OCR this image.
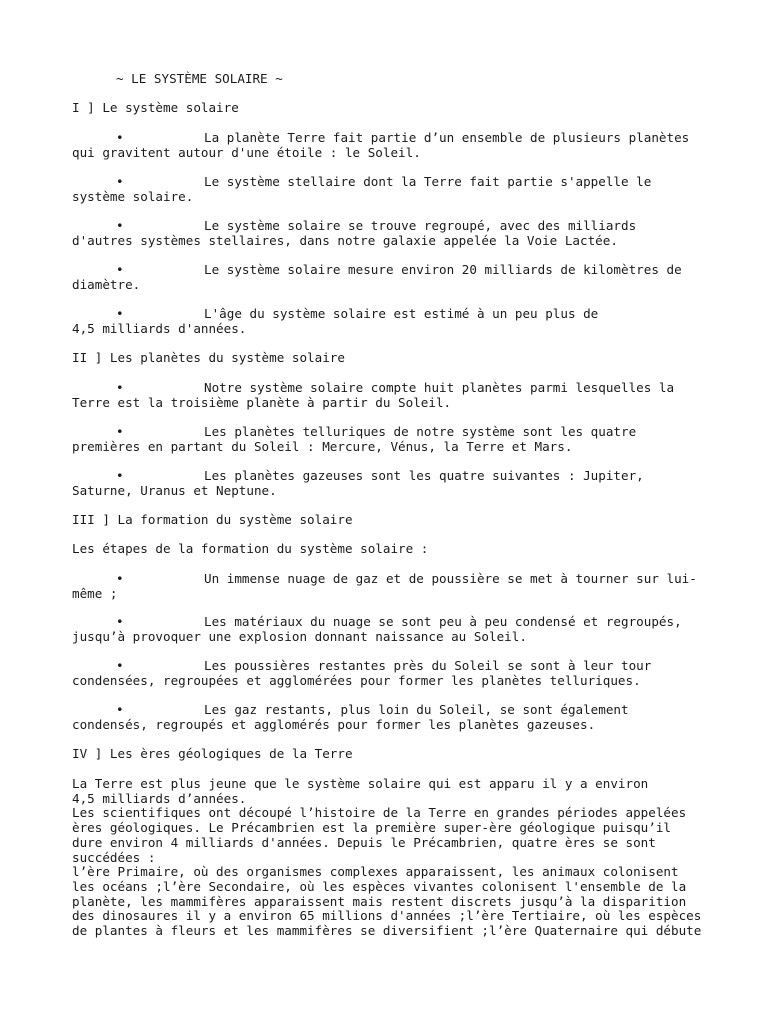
~ LE SYSTÈME SOLAIRE ~
I ] Le système solaire
•	La planète Terre fait partie d’un ensemble de plusieurs planètes
qui gravitent autour d'une étoile : le Soleil.
•	Le système stellaire dont la Terre fait partie s'appelle le
système solaire.
•	Le système solaire se trouve regroupé, avec des milliards
d'autres systèmes stellaires, dans notre galaxie appelée la Voie Lactée.
•	Le système solaire mesure environ 20 milliards de kilomètres de
diamètre.
•	L'âge du système solaire est estimé à un peu plus de
4,5 milliards d'années.
II ] Les planètes du système solaire
•	Notre système solaire compte huit planètes parmi lesquelles la
Terre est la troisième planète à partir du Soleil.
•	Les planètes telluriques de notre système sont les quatre
premières en partant du Soleil : Mercure, Vénus, la Terre et Mars.
•	Les planètes gazeuses sont les quatre suivantes : Jupiter,
Saturne, Uranus et Neptune.
III ] La formation du système solaire
Les étapes de la formation du système solaire :
•	Un immense nuage de gaz et de poussière se met à tourner sur lui-
même ;
•	Les matériaux du nuage se sont peu à peu condensé et regroupés,
jusqu’à provoquer une explosion donnant naissance au Soleil.
•	Les poussières restantes près du Soleil se sont à leur tour
condensées, regroupées et agglomérées pour former les planètes telluriques.
•	Les gaz restants, plus loin du Soleil, se sont également
condensés, regroupés et agglomérés pour former les planètes gazeuses.
IV ] Les ères géologiques de la Terre
La Terre est plus jeune que le système solaire qui est apparu il y a environ
4,5 milliards d’années.
Les scientifiques ont découpé l’histoire de la Terre en grandes périodes appelées
ères géologiques. Le Précambrien est la première super-ère géologique puisqu’il
dure environ 4 milliards d'années. Depuis le Précambrien, quatre ères se sont
succédées :
l’ère Primaire, où des organismes complexes apparaissent, les animaux colonisent
les océans ;l’ère Secondaire, où les espèces vivantes colonisent l'ensemble de la
planète, les mammifères apparaissent mais restent discrets jusqu’à la disparition
des dinosaures il y a environ 65 millions d'années ;l’ère Tertiaire, où les espèces
de plantes à fleurs et les mammifères se diversifient ;l’ère Quaternaire qui débute
